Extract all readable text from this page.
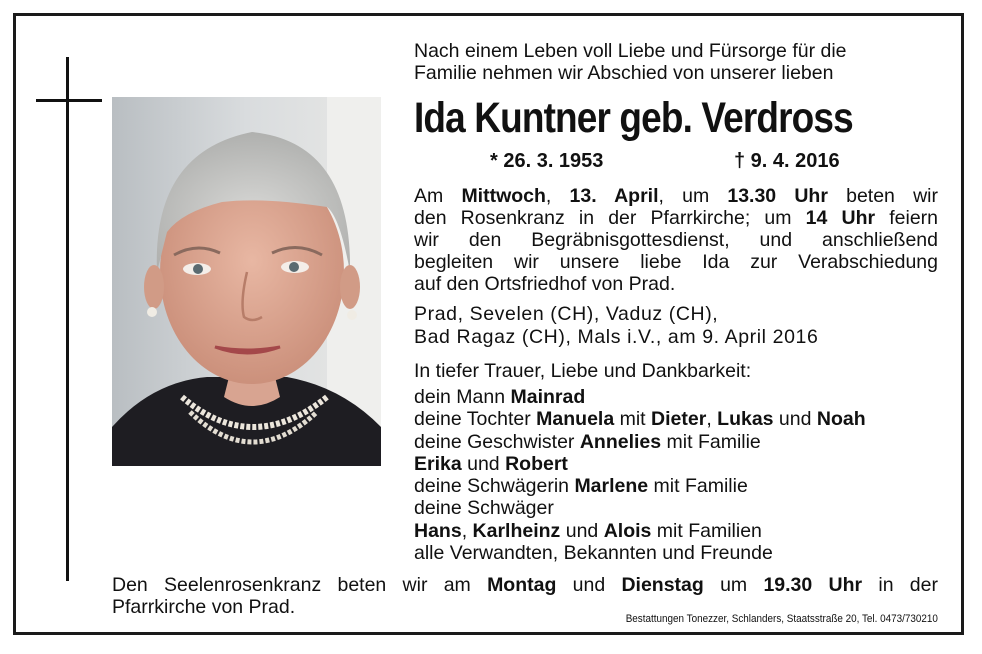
Nach einem Leben voll Liebe und Fürsorge für die
Familie nehmen wir Abschied von unserer lieben
Ida Kuntner geb. Verdross
* 26. 3. 1953	† 9. 4. 2016
Am Mittwoch, 13. April, um 13.30 Uhr beten wir
den Rosenkranz in der Pfarrkirche; um 14 Uhr feiern
wir den Begräbnisgottesdienst, und anschließend
begleiten wir unsere liebe Ida zur Verabschiedung
auf den Ortsfriedhof von Prad.
Prad, Sevelen (CH), Vaduz (CH),
Bad Ragaz (CH), Mals i.V., am 9. April 2016
In tiefer Trauer, Liebe und Dankbarkeit:
dein Mann Mainrad
deine Tochter Manuela mit Dieter, Lukas und Noah
deine Geschwister Annelies mit Familie
Erika und Robert
deine Schwägerin Marlene mit Familie
deine Schwäger
Hans, Karlheinz und Alois mit Familien
alle Verwandten, Bekannten und Freunde
Den Seelenrosenkranz beten wir am Montag und Dienstag um 19.30 Uhr in der
Pfarrkirche von Prad.
Bestattungen Tonezzer, Schlanders, Staatsstraße 20, Tel. 0473/730210
